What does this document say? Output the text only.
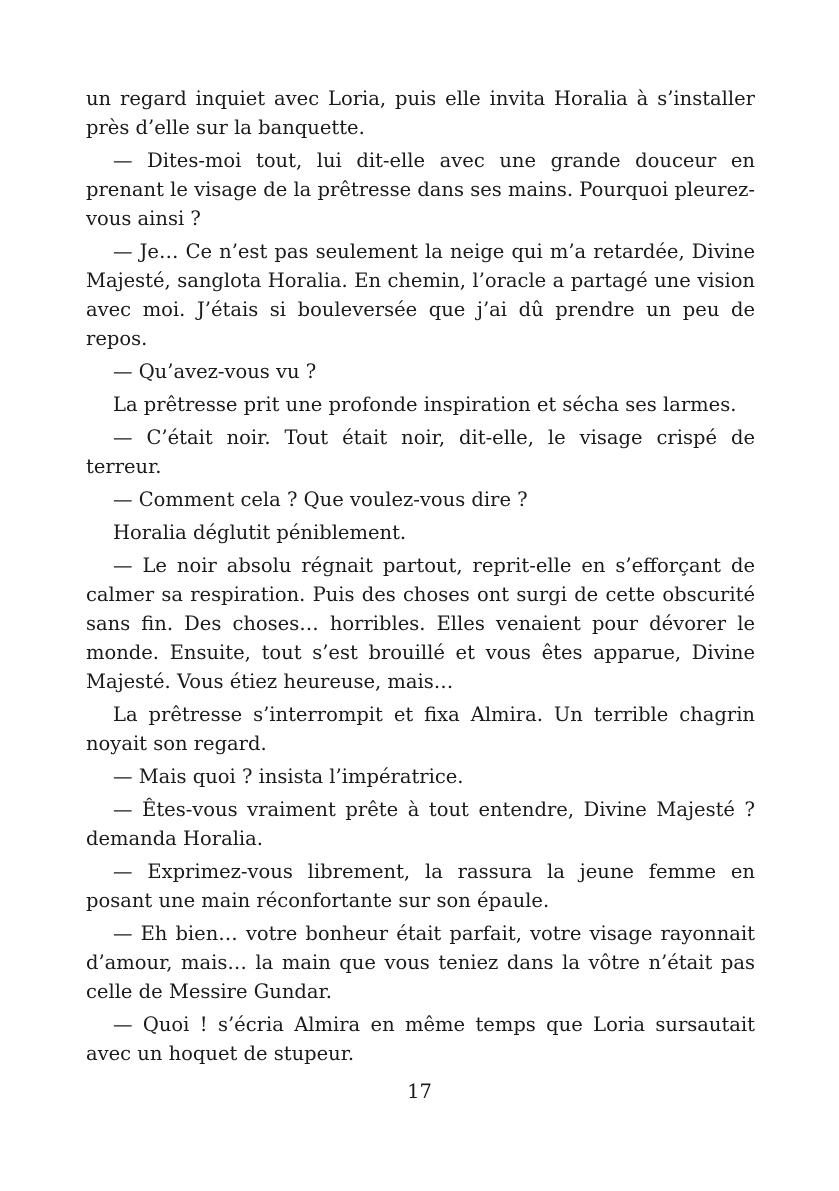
un regard inquiet avec Loria, puis elle invita Horalia à s’installer près d’elle sur la banquette.

— Dites-moi tout, lui dit-elle avec une grande douceur en prenant le visage de la prêtresse dans ses mains. Pourquoi pleurez-vous ainsi ?

— Je… Ce n’est pas seulement la neige qui m’a retardée, Divine Majesté, sanglota Horalia. En chemin, l’oracle a partagé une vision avec moi. J’étais si bouleversée que j’ai dû prendre un peu de repos.

— Qu’avez-vous vu ?

La prêtresse prit une profonde inspiration et sécha ses larmes.

— C’était noir. Tout était noir, dit-elle, le visage crispé de terreur.

— Comment cela ? Que voulez-vous dire ?

Horalia déglutit péniblement.

— Le noir absolu régnait partout, reprit-elle en s’efforçant de calmer sa respiration. Puis des choses ont surgi de cette obscurité sans fin. Des choses… horribles. Elles venaient pour dévorer le monde. Ensuite, tout s’est brouillé et vous êtes apparue, Divine Majesté. Vous étiez heureuse, mais…

La prêtresse s’interrompit et fixa Almira. Un terrible chagrin noyait son regard.

— Mais quoi ? insista l’impératrice.

— Êtes-vous vraiment prête à tout entendre, Divine Majesté ? demanda Horalia.

— Exprimez-vous librement, la rassura la jeune femme en posant une main réconfortante sur son épaule.

— Eh bien… votre bonheur était parfait, votre visage rayonnait d’amour, mais… la main que vous teniez dans la vôtre n’était pas celle de Messire Gundar.

— Quoi ! s’écria Almira en même temps que Loria sursautait avec un hoquet de stupeur.

17
